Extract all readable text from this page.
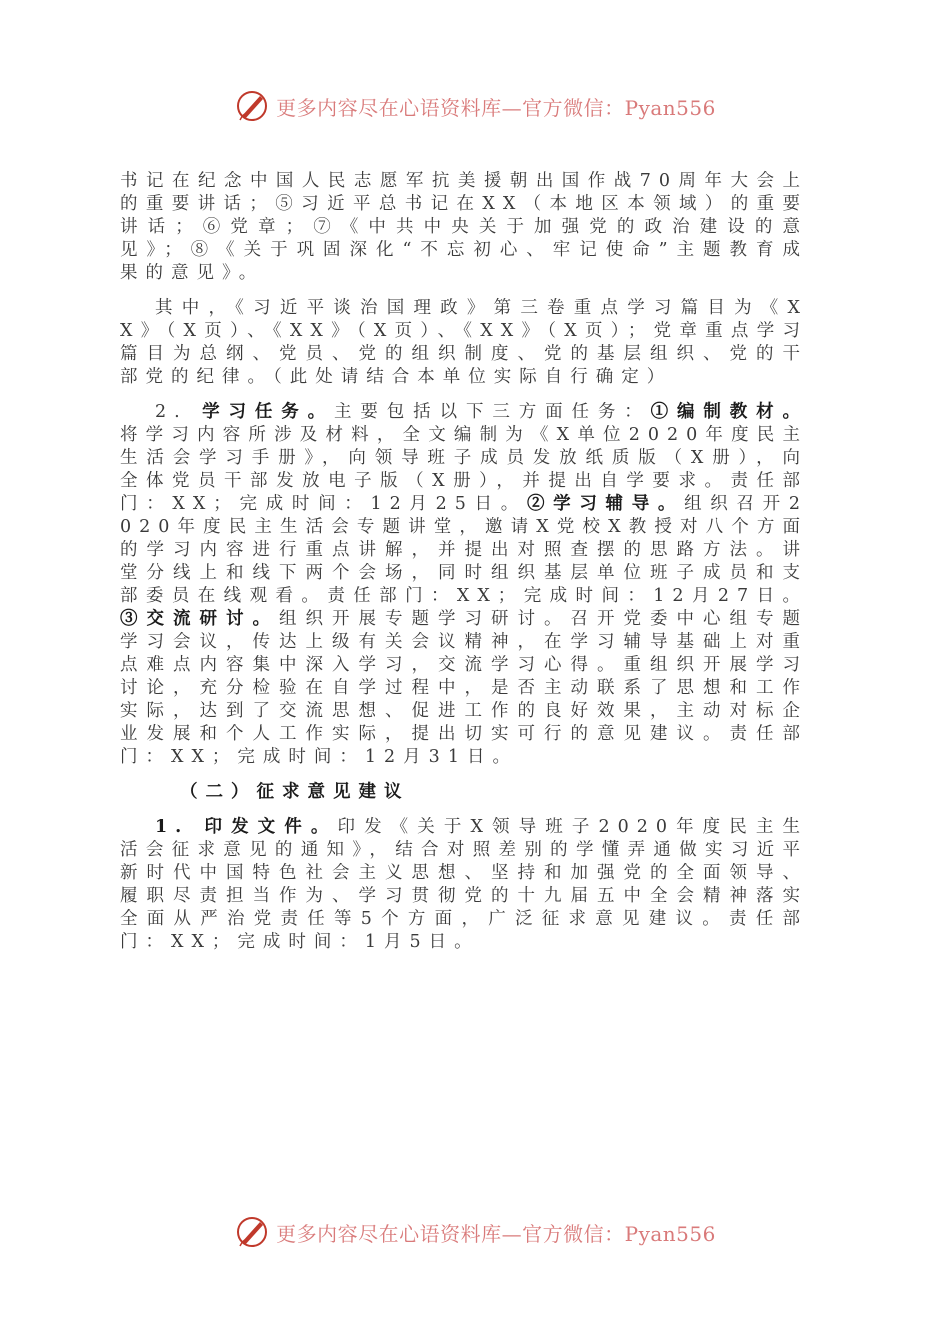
更多内容尽在心语资料库—官方微信：Pyan556

书记在纪念中国人民志愿军抗美援朝出国作战70周年大会上的重要讲话；⑤习近平总书记在XX（本地区本领域）的重要讲话；⑥党章；⑦《中共中央关于加强党的政治建设的意见》；⑧《关于巩固深化“不忘初心、牢记使命”主题教育成果的意见》。

其中，《习近平谈治国理政》第三卷重点学习篇目为《XX》（X页）、《XX》（X页）、《XX》（X页）；党章重点学习篇目为总纲、党员、党的组织制度、党的基层组织、党的干部党的纪律。（此处请结合本单位实际自行确定）

2. 学习任务。主要包括以下三方面任务：①编制教材。将学习内容所涉及材料，全文编制为《X单位2020年度民主生活会学习手册》，向领导班子成员发放纸质版（X册），向全体党员干部发放电子版（X册），并提出自学要求。责任部门：XX；完成时间：12月25日。②学习辅导。组织召开2020年度民主生活会专题讲堂，邀请X党校X教授对八个方面的学习内容进行重点讲解，并提出对照查摆的思路方法。讲堂分线上和线下两个会场，同时组织基层单位班子成员和支部委员在线观看。责任部门：XX；完成时间：12月27日。③交流研讨。组织开展专题学习研讨。召开党委中心组专题学习会议，传达上级有关会议精神，在学习辅导基础上对重点难点内容集中深入学习，交流学习心得。重组织开展学习讨论，充分检验在自学过程中，是否主动联系了思想和工作实际，达到了交流思想、促进工作的良好效果，主动对标企业发展和个人工作实际，提出切实可行的意见建议。责任部门：XX；完成时间：12月31日。

（二）征求意见建议

1. 印发文件。印发《关于X领导班子2020年度民主生活会征求意见的通知》，结合对照差别的学懂弄通做实习近平新时代中国特色社会主义思想、坚持和加强党的全面领导、履职尽责担当作为、学习贯彻党的十九届五中全会精神落实全面从严治党责任等5个方面，广泛征求意见建议。责任部门：XX；完成时间：1月5日。

更多内容尽在心语资料库—官方微信：Pyan556
